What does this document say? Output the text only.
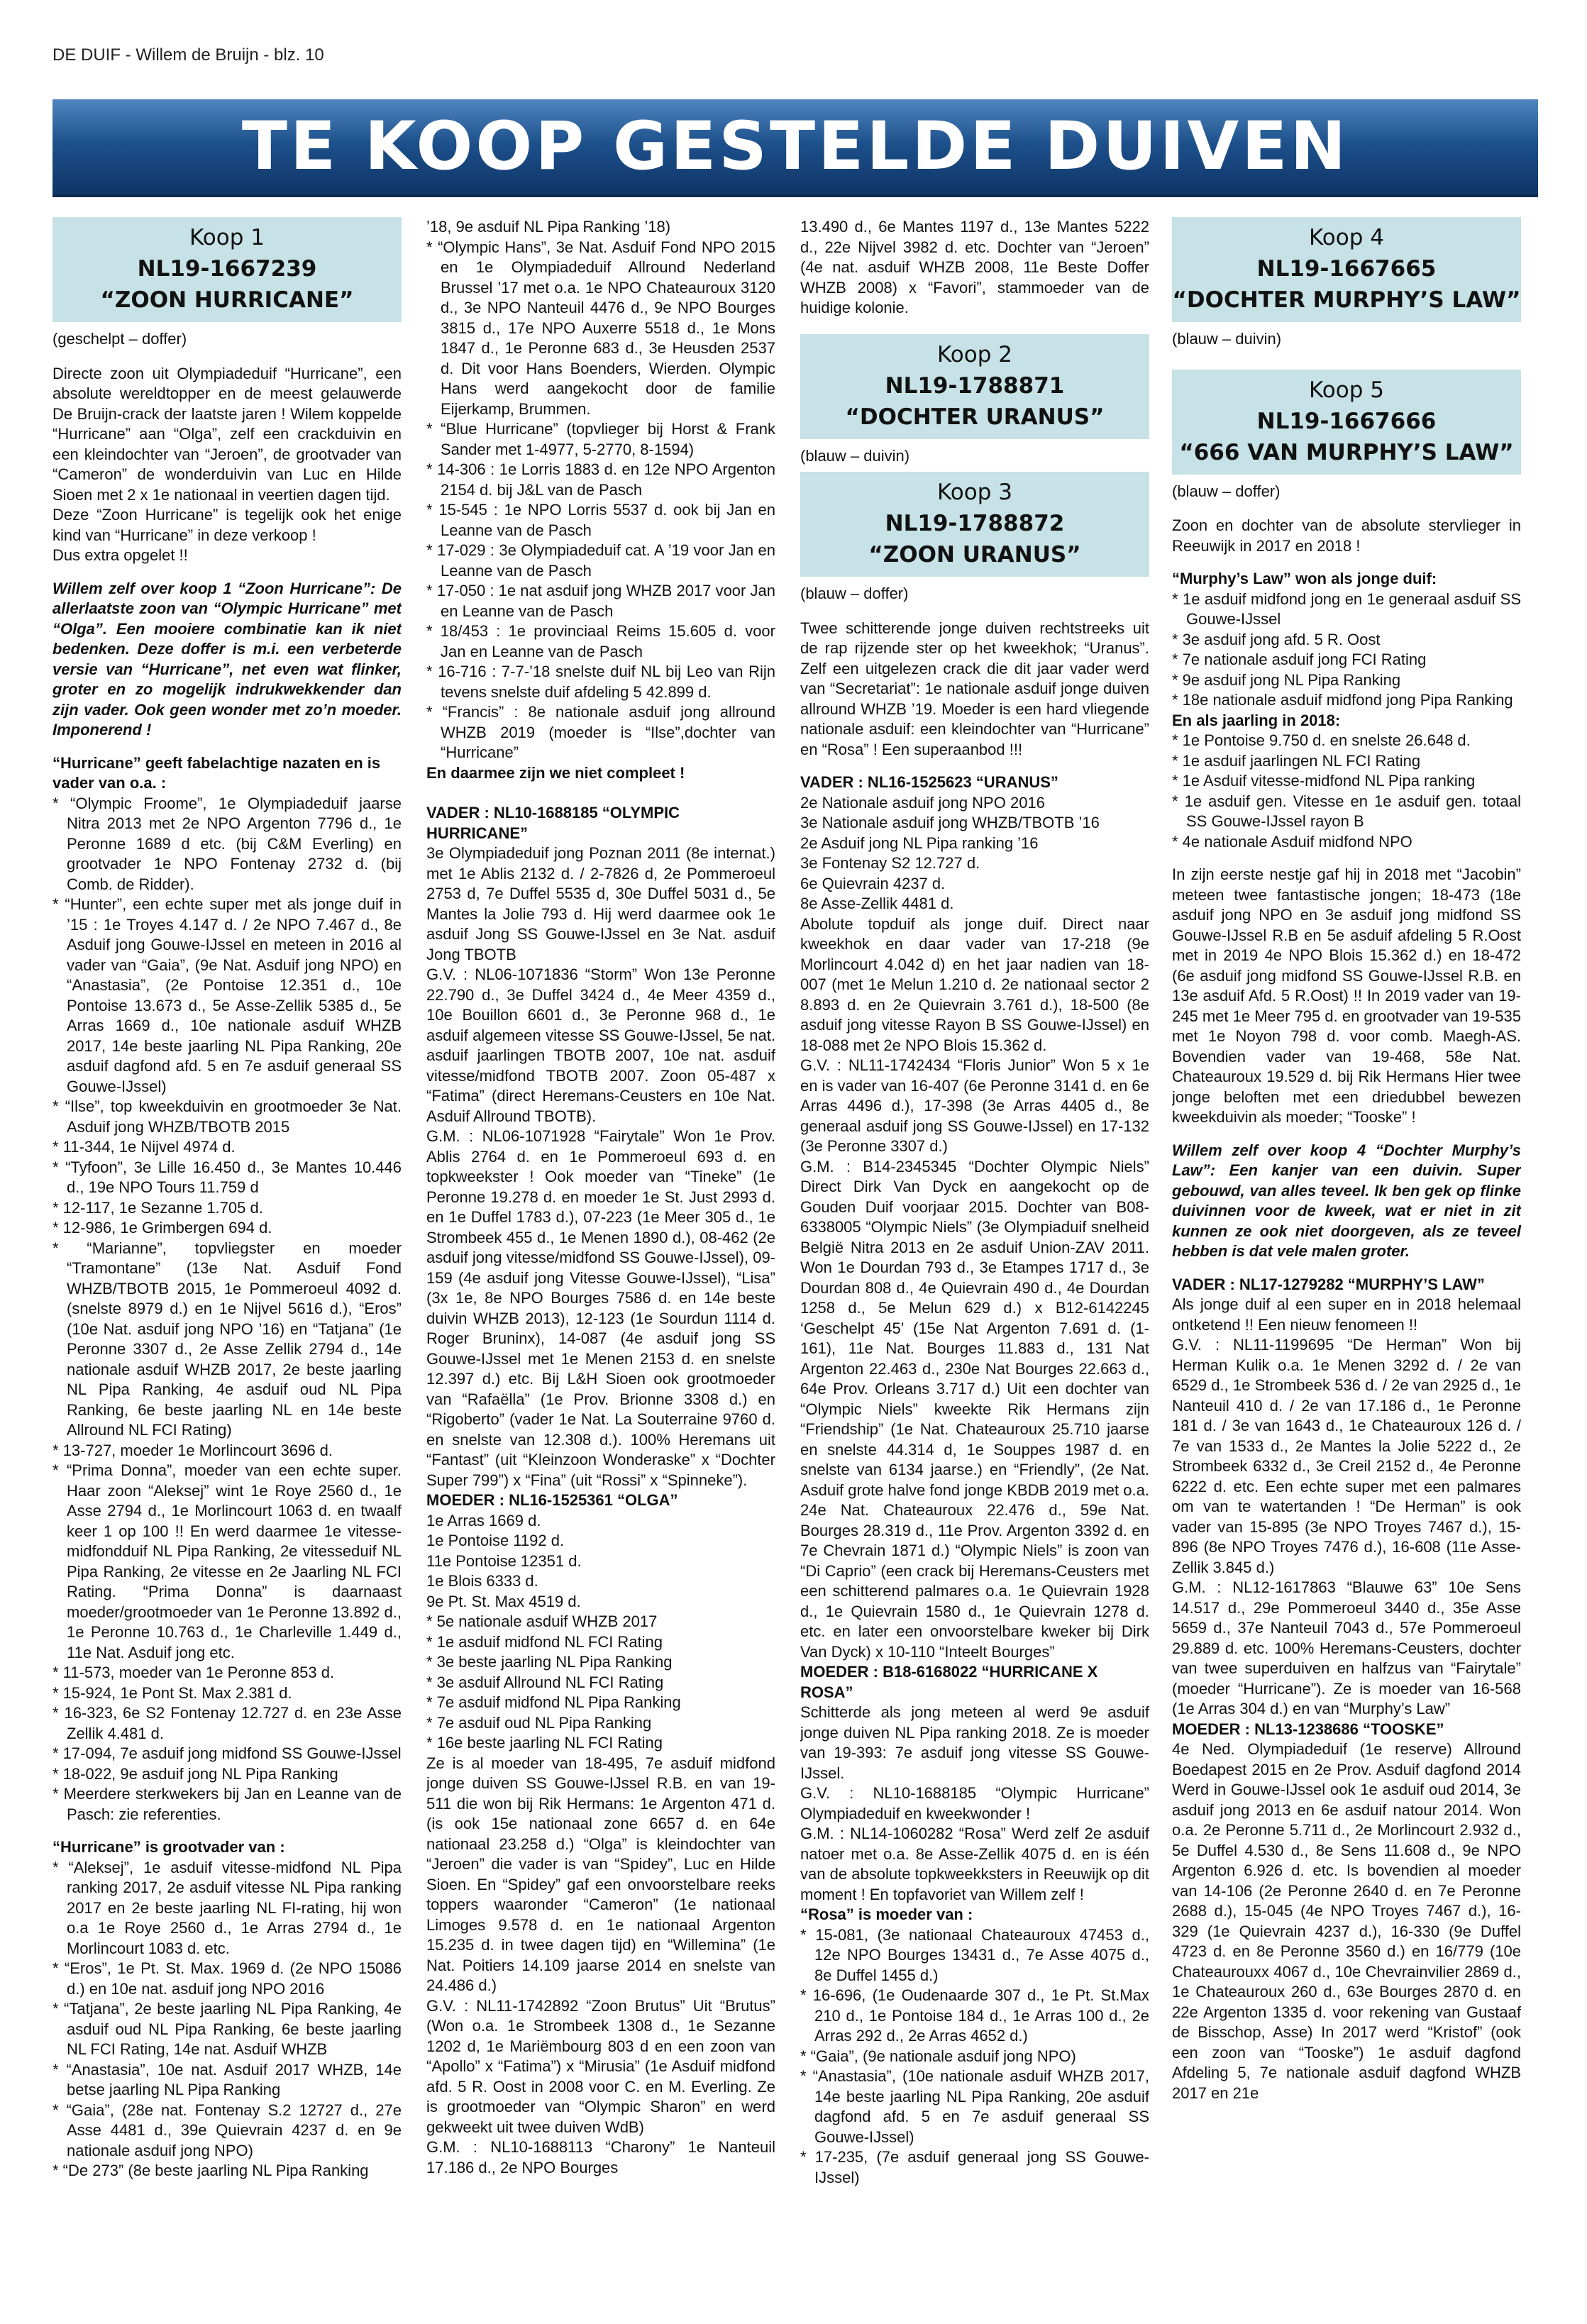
DE DUIF - Willem de Bruijn - blz. 10
TE KOOP GESTELDE DUIVEN
Koop 1
NL19-1667239
“ZOON HURRICANE”
(geschelpt – doffer)
Directe zoon uit Olympiadeduif “Hurricane”, een absolute wereldtopper en de meest gelauwerde De Bruijn-crack der laatste jaren ! Wilem koppelde “Hurricane” aan “Olga”, zelf een crackduivin en een kleindochter van “Jeroen”, de grootvader van “Cameron” de wonderduivin van Luc en Hilde Sioen met 2 x 1e nationaal in veertien dagen tijd.
Deze “Zoon Hurricane” is tegelijk ook het enige kind van “Hurricane” in deze verkoop !
Dus extra opgelet !!
Willem zelf over koop 1 “Zoon Hurricane”: De allerlaatste zoon van “Olympic Hurricane” met “Olga”. Een mooiere combinatie kan ik niet bedenken. Deze doffer is m.i. een verbeterde versie van “Hurricane”, net even wat flinker, groter en zo mogelijk indrukwekkender dan zijn vader. Ook geen wonder met zo’n moeder. Imponerend !
“Hurricane” geeft fabelachtige nazaten en is vader van o.a. :
* “Olympic Froome”, 1e Olympiadeduif jaarse Nitra 2013 met 2e NPO Argenton 7796 d., 1e Peronne 1689 d etc. (bij C&M Everling) en grootvader 1e NPO Fontenay 2732 d. (bij Comb. de Ridder).
* “Hunter”, een echte super met als jonge duif in ’15 : 1e Troyes 4.147 d. / 2e NPO 7.467 d., 8e Asduif jong Gouwe-IJssel en meteen in 2016 al vader van “Gaia”, (9e Nat. Asduif jong NPO) en “Anastasia”, (2e Pontoise 12.351 d., 10e Pontoise 13.673 d., 5e Asse-Zellik 5385 d., 5e Arras 1669 d., 10e nationale asduif WHZB 2017, 14e beste jaarling NL Pipa Ranking, 20e asduif dagfond afd. 5 en 7e asduif generaal SS Gouwe-IJssel)
* “Ilse”, top kweekduivin en grootmoeder 3e Nat. Asduif jong WHZB/TBOTB 2015
* 11-344, 1e Nijvel 4974 d.
* “Tyfoon”, 3e Lille 16.450 d., 3e Mantes 10.446 d., 19e NPO Tours 11.759 d
* 12-117, 1e Sezanne 1.705 d.
* 12-986, 1e Grimbergen 694 d.
* “Marianne”, topvliegster en moeder “Tramontane” (13e Nat. Asduif Fond WHZB/TBOTB 2015, 1e Pommeroeul 4092 d. (snelste 8979 d.) en 1e Nijvel 5616 d.), “Eros” (10e Nat. asduif jong NPO ’16) en “Tatjana” (1e Peronne 3307 d., 2e Asse Zellik 2794 d., 14e nationale asduif WHZB 2017, 2e beste jaarling NL Pipa Ranking, 4e asduif oud NL Pipa Ranking, 6e beste jaarling NL en 14e beste Allround NL FCI Rating)
* 13-727, moeder 1e Morlincourt 3696 d.
* “Prima Donna”, moeder van een echte super. Haar zoon “Aleksej” wint 1e Roye 2560 d., 1e Asse 2794 d., 1e Morlincourt 1063 d. en twaalf keer 1 op 100 !! En werd daarmee 1e vitesse-midfondduif NL Pipa Ranking, 2e vitesseduif NL Pipa Ranking, 2e vitesse en 2e Jaarling NL FCI Rating. “Prima Donna” is daarnaast moeder/grootmoeder van 1e Peronne 13.892 d., 1e Peronne 10.763 d., 1e Charleville 1.449 d., 11e Nat. Asduif jong etc.
* 11-573, moeder van 1e Peronne 853 d.
* 15-924, 1e Pont St. Max 2.381 d.
* 16-323, 6e S2 Fontenay 12.727 d. en 23e Asse Zellik 4.481 d.
* 17-094, 7e asduif jong midfond SS Gouwe-IJssel
* 18-022, 9e asduif jong NL Pipa Ranking
* Meerdere sterkwekers bij Jan en Leanne van de Pasch: zie referenties.
“Hurricane” is grootvader van :
* “Aleksej”, 1e asduif vitesse-midfond NL Pipa ranking 2017, 2e asduif vitesse NL Pipa ranking 2017 en 2e beste jaarling NL FI-rating, hij won o.a 1e Roye 2560 d., 1e Arras 2794 d., 1e Morlincourt 1083 d. etc.
* “Eros”, 1e Pt. St. Max. 1969 d. (2e NPO 15086 d.) en 10e nat. asduif jong NPO 2016
* “Tatjana”, 2e beste jaarling NL Pipa Ranking, 4e asduif oud NL Pipa Ranking, 6e beste jaarling NL FCI Rating, 14e nat. Asduif WHZB
* “Anastasia”, 10e nat. Asduif 2017 WHZB, 14e betse jaarling NL Pipa Ranking
* “Gaia”, (28e nat. Fontenay S.2 12727 d., 27e Asse 4481 d., 39e Quievrain 4237 d. en 9e nationale asduif jong NPO)
* “De 273” (8e beste jaarling NL Pipa Ranking
’18, 9e asduif NL Pipa Ranking ’18)
* “Olympic Hans”, 3e Nat. Asduif Fond NPO 2015 en 1e Olympiadeduif Allround Nederland Brussel ’17 met o.a. 1e NPO Chateauroux 3120 d., 3e NPO Nanteuil 4476 d., 9e NPO Bourges 3815 d., 17e NPO Auxerre 5518 d., 1e Mons 1847 d., 1e Peronne 683 d., 3e Heusden 2537 d. Dit voor Hans Boenders, Wierden. Olympic Hans werd aangekocht door de familie Eijerkamp, Brummen.
* “Blue Hurricane” (topvlieger bij Horst & Frank Sander met 1-4977, 5-2770, 8-1594)
* 14-306 : 1e Lorris 1883 d. en 12e NPO Argenton 2154 d. bij J&L van de Pasch
* 15-545 : 1e NPO Lorris 5537 d. ook bij Jan en Leanne van de Pasch
* 17-029 : 3e Olympiadeduif cat. A ’19 voor Jan en Leanne van de Pasch
* 17-050 : 1e nat asduif jong WHZB 2017 voor Jan en Leanne van de Pasch
* 18/453 : 1e provinciaal Reims 15.605 d. voor Jan en Leanne van de Pasch
* 16-716 : 7-7-’18 snelste duif NL bij Leo van Rijn tevens snelste duif afdeling 5 42.899 d.
* “Francis” : 8e nationale asduif jong allround WHZB 2019 (moeder is “Ilse”,dochter van “Hurricane”
En daarmee zijn we niet compleet !
VADER : NL10-1688185 “OLYMPIC HURRICANE”
3e Olympiadeduif jong Poznan 2011 (8e internat.) met 1e Ablis 2132 d. / 2-7826 d, 2e Pommeroeul 2753 d, 7e Duffel 5535 d, 30e Duffel 5031 d., 5e Mantes la Jolie 793 d. Hij werd daarmee ook 1e asduif Jong SS Gouwe-IJssel en 3e Nat. asduif Jong TBOTB
G.V. : NL06-1071836 “Storm” Won 13e Peronne 22.790 d., 3e Duffel 3424 d., 4e Meer 4359 d., 10e Bouillon 6601 d., 3e Peronne 968 d., 1e asduif algemeen vitesse SS Gouwe-IJssel, 5e nat. asduif jaarlingen TBOTB 2007, 10e nat. asduif vitesse/midfond TBOTB 2007. Zoon 05-487 x “Fatima” (direct Heremans-Ceusters en 10e Nat. Asduif Allround TBOTB).
G.M. : NL06-1071928 “Fairytale” Won 1e Prov. Ablis 2764 d. en 1e Pommeroeul 693 d. en topkweekster ! Ook moeder van “Tineke” (1e Peronne 19.278 d. en moeder 1e St. Just 2993 d. en 1e Duffel 1783 d.), 07-223 (1e Meer 305 d., 1e Strombeek 455 d., 1e Menen 1890 d.), 08-462 (2e asduif jong vitesse/midfond SS Gouwe-IJssel), 09-159 (4e asduif jong Vitesse Gouwe-IJssel), “Lisa” (3x 1e, 8e NPO Bourges 7586 d. en 14e beste duivin WHZB 2013), 12-123 (1e Sourdun 1114 d. Roger Bruninx), 14-087 (4e asduif jong SS Gouwe-IJssel met 1e Menen 2153 d. en snelste 12.397 d.) etc. Bij L&H Sioen ook grootmoeder van “Rafaëlla” (1e Prov. Brionne 3308 d.) en “Rigoberto” (vader 1e Nat. La Souterraine 9760 d. en snelste van 12.308 d.). 100% Heremans uit “Fantast” (uit “Kleinzoon Wonderaske” x “Dochter Super 799”) x “Fina” (uit “Rossi” x “Spinneke”).
MOEDER : NL16-1525361 “OLGA”
1e Arras 1669 d.
1e Pontoise 1192 d.
11e Pontoise 12351 d.
1e Blois 6333 d.
9e Pt. St. Max 4519 d.
* 5e nationale asduif WHZB 2017
* 1e asduif midfond NL FCI Rating
* 3e beste jaarling NL Pipa Ranking
* 3e asduif Allround NL FCI Rating
* 7e asduif midfond NL Pipa Ranking
* 7e asduif oud NL Pipa Ranking
* 16e beste jaarling NL FCI Rating
Ze is al moeder van 18-495, 7e asduif midfond jonge duiven SS Gouwe-IJssel R.B. en van 19-511 die won bij Rik Hermans: 1e Argenton 471 d. (is ook 15e nationaal zone 6657 d. en 64e nationaal 23.258 d.) “Olga” is kleindochter van “Jeroen” die vader is van “Spidey”, Luc en Hilde Sioen. En “Spidey” gaf een onvoorstelbare reeks toppers waaronder “Cameron” (1e nationaal Limoges 9.578 d. en 1e nationaal Argenton 15.235 d. in twee dagen tijd) en “Willemina” (1e Nat. Poitiers 14.109 jaarse 2014 en snelste van 24.486 d.)
G.V. : NL11-1742892 “Zoon Brutus” Uit “Brutus” (Won o.a. 1e Strombeek 1308 d., 1e Sezanne 1202 d, 1e Mariëmbourg 803 d en een zoon van “Apollo” x “Fatima”) x “Mirusia” (1e Asduif midfond afd. 5 R. Oost in 2008 voor C. en M. Everling. Ze is grootmoeder van “Olympic Sharon” en werd gekweekt uit twee duiven WdB)
G.M. : NL10-1688113 “Charony” 1e Nanteuil 17.186 d., 2e NPO Bourges
13.490 d., 6e Mantes 1197 d., 13e Mantes 5222 d., 22e Nijvel 3982 d. etc. Dochter van “Jeroen” (4e nat. asduif WHZB 2008, 11e Beste Doffer WHZB 2008) x “Favori”, stammoeder van de huidige kolonie.
Koop 2
NL19-1788871
“DOCHTER URANUS”
(blauw – duivin)
Koop 3
NL19-1788872
“ZOON URANUS”
(blauw – doffer)
Twee schitterende jonge duiven rechtstreeks uit de rap rijzende ster op het kweekhok; “Uranus”. Zelf een uitgelezen crack die dit jaar vader werd van “Secretariat”: 1e nationale asduif jonge duiven allround WHZB ’19. Moeder is een hard vliegende nationale asduif: een kleindochter van “Hurricane” en “Rosa” ! Een superaanbod !!!
VADER : NL16-1525623 “URANUS”
2e Nationale asduif jong NPO 2016
3e Nationale asduif jong WHZB/TBOTB ’16
2e Asduif jong NL Pipa ranking ’16
3e Fontenay S2 12.727 d.
6e Quievrain 4237 d.
8e Asse-Zellik 4481 d.
Abolute topduif als jonge duif. Direct naar kweekhok en daar vader van 17-218 (9e Morlincourt 4.042 d) en het jaar nadien van 18-007 (met 1e Melun 1.210 d. 2e nationaal sector 2 8.893 d. en 2e Quievrain 3.761 d.), 18-500 (8e asduif jong vitesse Rayon B SS Gouwe-IJssel) en 18-088 met 2e NPO Blois 15.362 d.
G.V. : NL11-1742434 “Floris Junior” Won 5 x 1e en is vader van 16-407 (6e Peronne 3141 d. en 6e Arras 4496 d.), 17-398 (3e Arras 4405 d., 8e generaal asduif jong SS Gouwe-IJssel) en 17-132 (3e Peronne 3307 d.)
G.M. : B14-2345345 “Dochter Olympic Niels” Direct Dirk Van Dyck en aangekocht op de Gouden Duif voorjaar 2015. Dochter van B08-6338005 “Olympic Niels” (3e Olympiaduif snelheid België Nitra 2013 en 2e asduif Union-ZAV 2011. Won 1e Dourdan 793 d., 3e Etampes 1717 d., 3e Dourdan 808 d., 4e Quievrain 490 d., 4e Dourdan 1258 d., 5e Melun 629 d.) x B12-6142245 ‘Geschelpt 45’ (15e Nat Argenton 7.691 d. (1-161), 11e Nat. Bourges 11.883 d., 131 Nat Argenton 22.463 d., 230e Nat Bourges 22.663 d., 64e Prov. Orleans 3.717 d.) Uit een dochter van “Olympic Niels” kweekte Rik Hermans zijn “Friendship” (1e Nat. Chateauroux 25.710 jaarse en snelste 44.314 d, 1e Souppes 1987 d. en snelste van 6134 jaarse.) en “Friendly”, (2e Nat. Asduif grote halve fond jonge KBDB 2019 met o.a. 24e Nat. Chateauroux 22.476 d., 59e Nat. Bourges 28.319 d., 11e Prov. Argenton 3392 d. en 7e Chevrain 1871 d.) “Olympic Niels” is zoon van “Di Caprio” (een crack bij Heremans-Ceusters met een schitterend palmares o.a. 1e Quievrain 1928 d., 1e Quievrain 1580 d., 1e Quievrain 1278 d. etc. en later een onvoorstelbare kweker bij Dirk Van Dyck) x 10-110 “Inteelt Bourges”
MOEDER : B18-6168022 “HURRICANE X ROSA”
Schitterde als jong meteen al werd 9e asduif jonge duiven NL Pipa ranking 2018. Ze is moeder van 19-393: 7e asduif jong vitesse SS Gouwe-IJssel.
G.V. : NL10-1688185 “Olympic Hurricane” Olympiadeduif en kweekwonder !
G.M. : NL14-1060282 “Rosa” Werd zelf 2e asduif natoer met o.a. 8e Asse-Zellik 4075 d. en is één van de absolute topkweekksters in Reeuwijk op dit moment ! En topfavoriet van Willem zelf !
“Rosa” is moeder van :
* 15-081, (3e nationaal Chateauroux 47453 d., 12e NPO Bourges 13431 d., 7e Asse 4075 d., 8e Duffel 1455 d.)
* 16-696, (1e Oudenaarde 307 d., 1e Pt. St.Max 210 d., 1e Pontoise 184 d., 1e Arras 100 d., 2e Arras 292 d., 2e Arras 4652 d.)
* “Gaia”, (9e nationale asduif jong NPO)
* “Anastasia”, (10e nationale asduif WHZB 2017, 14e beste jaarling NL Pipa Ranking, 20e asduif dagfond afd. 5 en 7e asduif generaal SS Gouwe-IJssel)
* 17-235, (7e asduif generaal jong SS Gouwe-IJssel)
Koop 4
NL19-1667665
“DOCHTER MURPHY’S LAW”
(blauw – duivin)
Koop 5
NL19-1667666
“666 VAN MURPHY’S LAW”
(blauw – doffer)
Zoon en dochter van de absolute stervlieger in Reeuwijk in 2017 en 2018 !
“Murphy’s Law” won als jonge duif:
* 1e asduif midfond jong en 1e generaal asduif SS Gouwe-IJssel
* 3e asduif jong afd. 5 R. Oost
* 7e nationale asduif jong FCI Rating
* 9e asduif jong NL Pipa Ranking
* 18e nationale asduif midfond jong Pipa Ranking
En als jaarling in 2018:
* 1e Pontoise 9.750 d. en snelste 26.648 d.
* 1e asduif jaarlingen NL FCI Rating
* 1e Asduif vitesse-midfond NL Pipa ranking
* 1e asduif gen. Vitesse en 1e asduif gen. totaal SS Gouwe-IJssel rayon B
* 4e nationale Asduif midfond NPO
In zijn eerste nestje gaf hij in 2018 met “Jacobin” meteen twee fantastische jongen; 18-473 (18e asduif jong NPO en 3e asduif jong midfond SS Gouwe-IJssel R.B en 5e asduif afdeling 5 R.Oost met in 2019 4e NPO Blois 15.362 d.) en 18-472 (6e asduif jong midfond SS Gouwe-IJssel R.B. en 13e asduif Afd. 5 R.Oost) !! In 2019 vader van 19-245 met 1e Meer 795 d. en grootvader van 19-535 met 1e Noyon 798 d. voor comb. Maegh-AS. Bovendien vader van 19-468, 58e Nat. Chateauroux 19.529 d. bij Rik Hermans Hier twee jonge beloften met een driedubbel bewezen kweekduivin als moeder; “Tooske” !
Willem zelf over koop 4 “Dochter Murphy’s Law”: Een kanjer van een duivin. Super gebouwd, van alles teveel. Ik ben gek op flinke duivinnen voor de kweek, wat er niet in zit kunnen ze ook niet doorgeven, als ze teveel hebben is dat vele malen groter.
VADER : NL17-1279282 “MURPHY’S LAW”
Als jonge duif al een super en in 2018 helemaal ontketend !! Een nieuw fenomeen !!
G.V. : NL11-1199695 “De Herman” Won bij Herman Kulik o.a. 1e Menen 3292 d. / 2e van 6529 d., 1e Strombeek 536 d. / 2e van 2925 d., 1e Nanteuil 410 d. / 2e van 17.186 d., 1e Peronne 181 d. / 3e van 1643 d., 1e Chateauroux 126 d. / 7e van 1533 d., 2e Mantes la Jolie 5222 d., 2e Strombeek 6332 d., 3e Creil 2152 d., 4e Peronne 6222 d. etc. Een echte super met een palmares om van te watertanden ! “De Herman” is ook vader van 15-895 (3e NPO Troyes 7467 d.), 15-896 (8e NPO Troyes 7476 d.), 16-608 (11e Asse-Zellik 3.845 d.)
G.M. : NL12-1617863 “Blauwe 63” 10e Sens 14.517 d., 29e Pommeroeul 3440 d., 35e Asse 5659 d., 37e Nanteuil 7043 d., 57e Pommeroeul 29.889 d. etc. 100% Heremans-Ceusters, dochter van twee superduiven en halfzus van “Fairytale” (moeder “Hurricane”). Ze is moeder van 16-568 (1e Arras 304 d.) en van “Murphy’s Law”
MOEDER : NL13-1238686 “TOOSKE”
4e Ned. Olympiadeduif (1e reserve) Allround Boedapest 2015 en 2e Prov. Asduif dagfond 2014 Werd in Gouwe-IJssel ook 1e asduif oud 2014, 3e asduif jong 2013 en 6e asduif natour 2014. Won o.a. 2e Peronne 5.711 d., 2e Morlincourt 2.932 d., 5e Duffel 4.530 d., 8e Sens 11.608 d., 9e NPO Argenton 6.926 d. etc. Is bovendien al moeder van 14-106 (2e Peronne 2640 d. en 7e Peronne 2688 d.), 15-045 (4e NPO Troyes 7467 d.), 16-329 (1e Quievrain 4237 d.), 16-330 (9e Duffel 4723 d. en 8e Peronne 3560 d.) en 16/779 (10e Chateaurouxx 4067 d., 10e Chevrainvilier 2869 d., 1e Chateauroux 260 d., 63e Bourges 2870 d. en 22e Argenton 1335 d. voor rekening van Gustaaf de Bisschop, Asse) In 2017 werd “Kristof” (ook een zoon van “Tooske”) 1e asduif dagfond Afdeling 5, 7e nationale asduif dagfond WHZB 2017 en 21e
